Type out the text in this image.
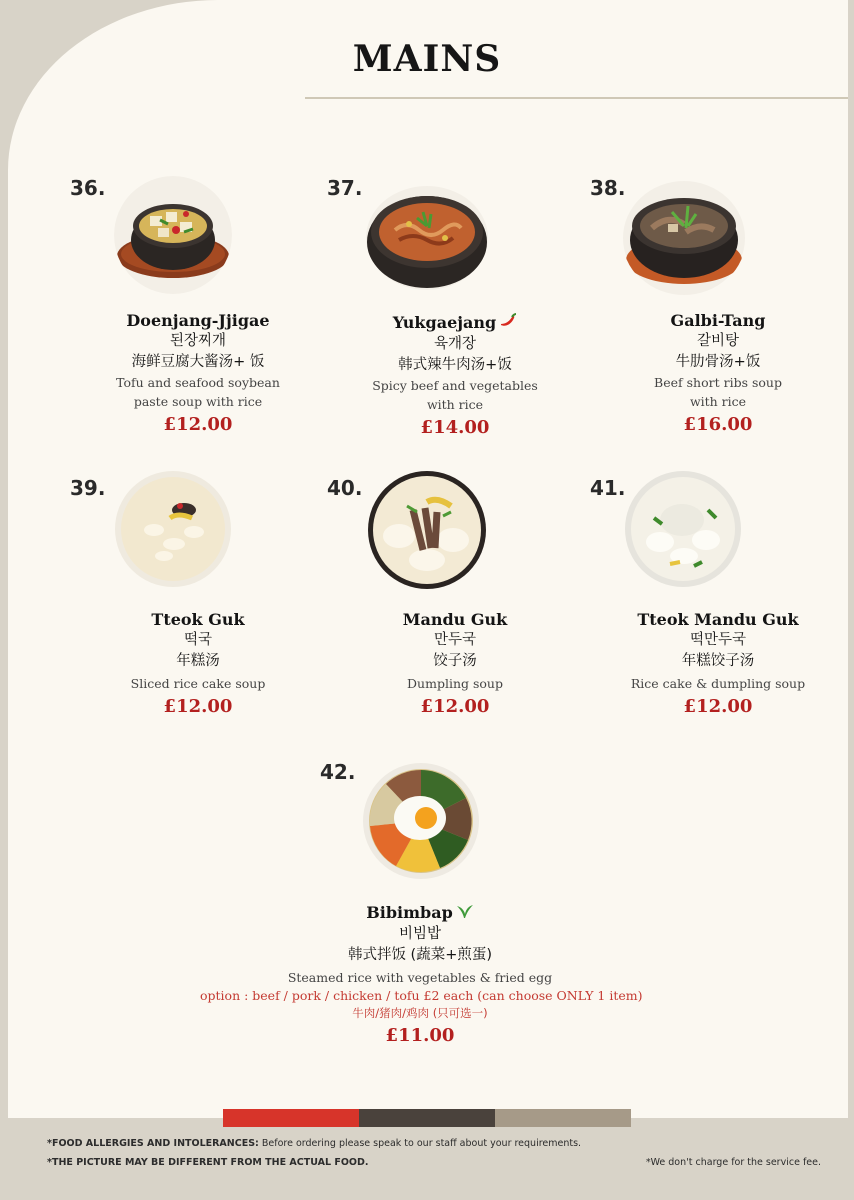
MAINS
36.
Doenjang-Jjigae
된장찌개
海鲜豆腐大酱汤+ 饭
Tofu and seafood soybean
paste soup with rice
£12.00
37.
Yukgaejang
육개장
韩式辣牛肉汤+饭
Spicy beef and vegetables
with rice
£14.00
38.
Galbi-Tang
갈비탕
牛肋骨汤+饭
Beef short ribs soup
with rice
£16.00
39.
Tteok Guk
떡국
年糕汤
Sliced rice cake soup
£12.00
40.
Mandu Guk
만두국
饺子汤
Dumpling soup
£12.00
41.
Tteok Mandu Guk
떡만두국
年糕饺子汤
Rice cake & dumpling soup
£12.00
42.
Bibimbap
비빔밥
韩式拌饭 (蔬菜+煎蛋)
Steamed rice with vegetables & fried egg
option : beef / pork / chicken / tofu £2 each (can choose ONLY 1 item)
牛肉/猪肉/鸡肉 (只可选一)
£11.00
*FOOD ALLERGIES AND INTOLERANCES: Before ordering please speak to our staff about your requirements.
*THE PICTURE MAY BE DIFFERENT FROM THE ACTUAL FOOD.	*We don't charge for the service fee.
